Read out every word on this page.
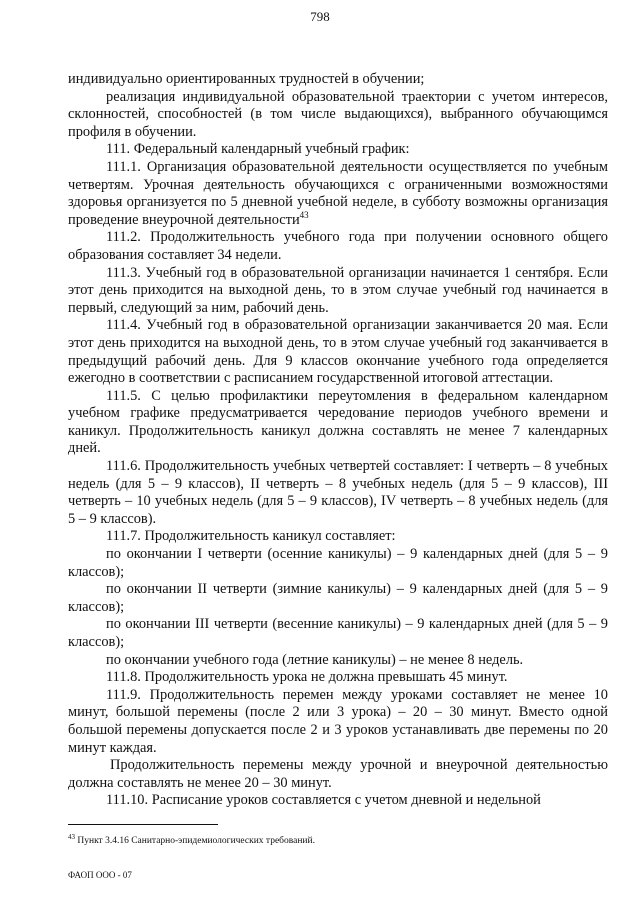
798

индивидуально ориентированных трудностей в обучении;

реализация индивидуальной образовательной траектории с учетом интересов, склонностей, способностей (в том числе выдающихся), выбранного обучающимся профиля в обучении.

111. Федеральный календарный учебный график:

111.1. Организация образовательной деятельности осуществляется по учебным четвертям. Урочная деятельность обучающихся с ограниченными возможностями здоровья организуется по 5 дневной учебной неделе, в субботу возможны организация проведение внеурочной деятельности$^{43}$

111.2. Продолжительность учебного года при получении основного общего образования составляет 34 недели.

111.3. Учебный год в образовательной организации начинается 1 сентября. Если этот день приходится на выходной день, то в этом случае учебный год начинается в первый, следующий за ним, рабочий день.

111.4. Учебный год в образовательной организации заканчивается 20 мая. Если этот день приходится на выходной день, то в этом случае учебный год заканчивается в предыдущий рабочий день. Для 9 классов окончание учебного года определяется ежегодно в соответствии с расписанием государственной итоговой аттестации.

111.5. С целью профилактики переутомления в федеральном календарном учебном графике предусматривается чередование периодов учебного времени и каникул. Продолжительность каникул должна составлять не менее 7 календарных дней.

111.6. Продолжительность учебных четвертей составляет: I четверть – 8 учебных недель (для 5 – 9 классов), II четверть – 8 учебных недель (для 5 – 9 классов), III четверть – 10 учебных недель (для 5 – 9 классов), IV четверть – 8 учебных недель (для 5 – 9 классов).

111.7. Продолжительность каникул составляет:

по окончании I четверти (осенние каникулы) – 9 календарных дней (для 5 – 9 классов);

по окончании II четверти (зимние каникулы) – 9 календарных дней (для 5 – 9 классов);

по окончании III четверти (весенние каникулы) – 9 календарных дней (для 5 – 9 классов);

по окончании учебного года (летние каникулы) – не менее 8 недель.

111.8. Продолжительность урока не должна превышать 45 минут.

111.9. Продолжительность перемен между уроками составляет не менее 10 минут, большой перемены (после 2 или 3 урока) – 20 – 30 минут. Вместо одной большой перемены допускается после 2 и 3 уроков устанавливать две перемены по 20 минут каждая.

Продолжительность перемены между урочной и внеурочной деятельностью должна составлять не менее 20 – 30 минут.

111.10. Расписание уроков составляется с учетом дневной и недельной

$^{43}$ Пункт 3.4.16 Санитарно-эпидемиологических требований.
ФАОП ООО - 07
